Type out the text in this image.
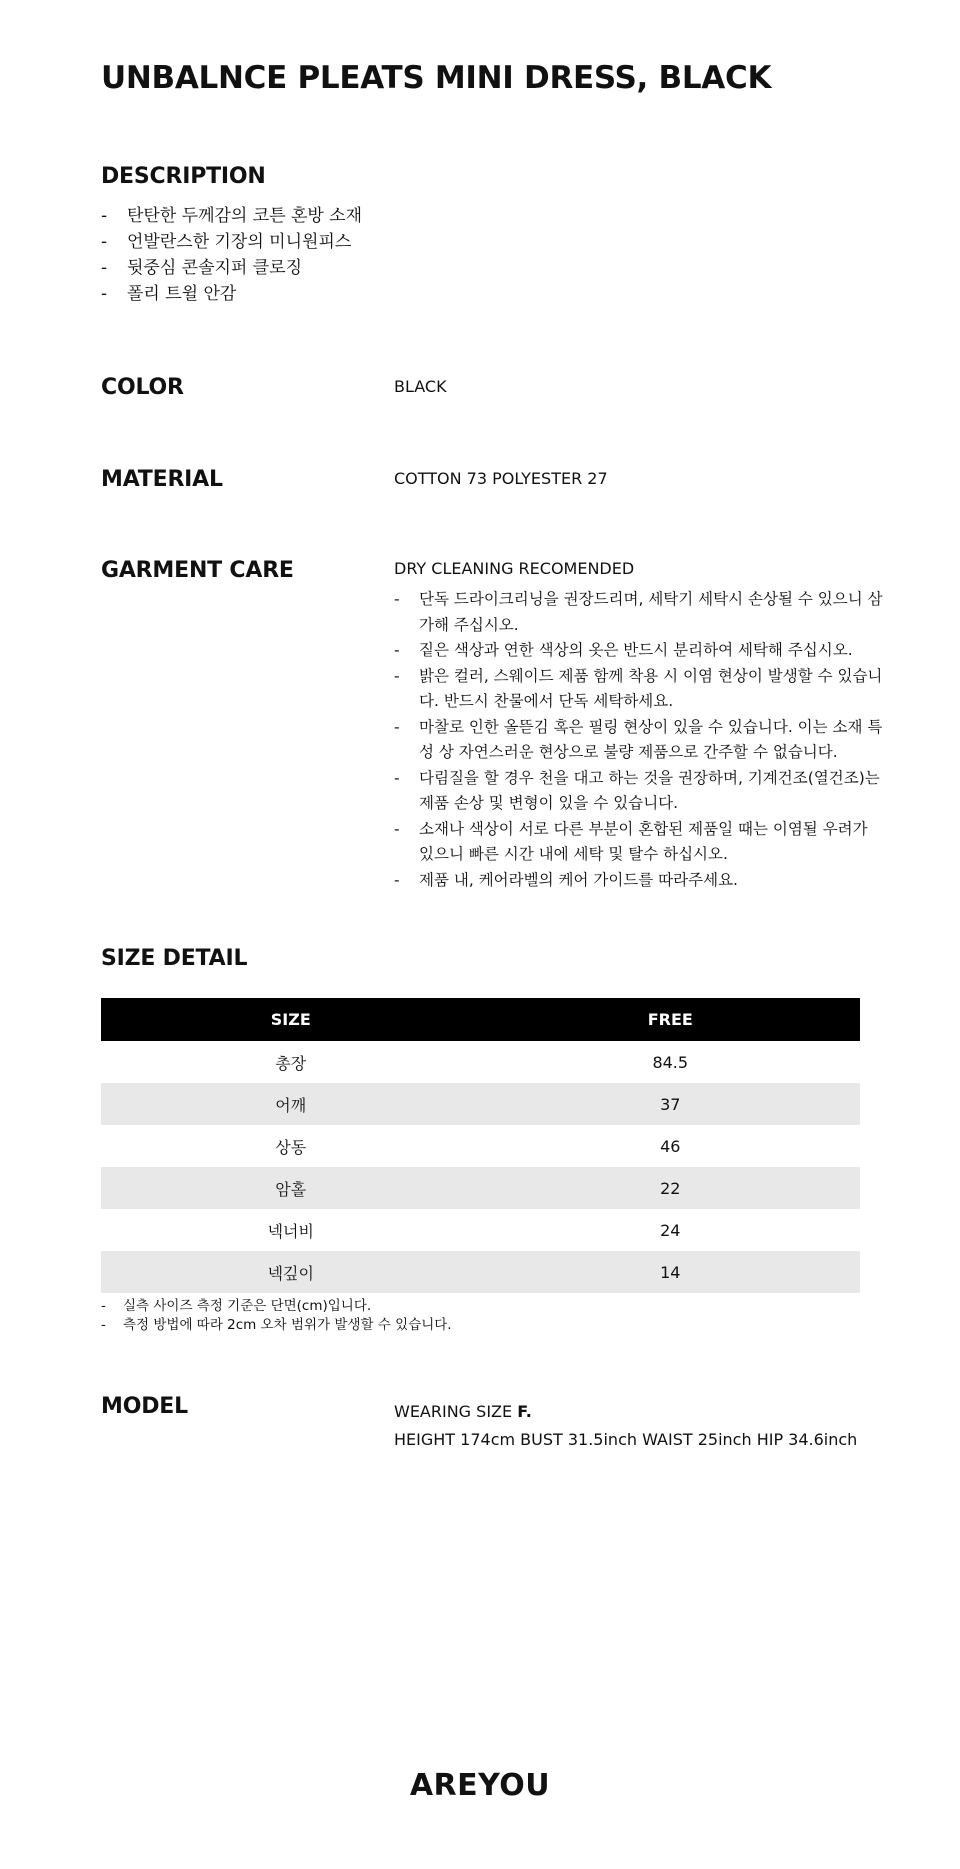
UNBALNCE PLEATS MINI DRESS, BLACK
DESCRIPTION
- 탄탄한 두께감의 코튼 혼방 소재
- 언발란스한 기장의 미니원피스
- 뒷중심 콘솔지퍼 클로징
- 폴리 트윌 안감
COLOR	BLACK
MATERIAL	COTTON 73 POLYESTER 27
GARMENT CARE	DRY CLEANING RECOMENDED
- 단독 드라이크리닝을 권장드리며, 세탁기 세탁시 손상될 수 있으니 삼가해 주십시오.
- 짙은 색상과 연한 색상의 옷은 반드시 분리하여 세탁해 주십시오.
- 밝은 컬러, 스웨이드 제품 함께 착용 시 이염 현상이 발생할 수 있습니다. 반드시 찬물에서 단독 세탁하세요.
- 마찰로 인한 올뜯김 혹은 필링 현상이 있을 수 있습니다. 이는 소재 특성 상 자연스러운 현상으로 불량 제품으로 간주할 수 없습니다.
- 다림질을 할 경우 천을 대고 하는 것을 권장하며, 기계건조(열건조)는 제품 손상 및 변형이 있을 수 있습니다.
- 소재나 색상이 서로 다른 부분이 혼합된 제품일 때는 이염될 우려가 있으니 빠른 시간 내에 세탁 및 탈수 하십시오.
- 제품 내, 케어라벨의 케어 가이드를 따라주세요.
SIZE DETAIL
SIZE	FREE
총장	84.5
어깨	37
상동	46
암홀	22
넥너비	24
넥깊이	14
- 실측 사이즈 측정 기준은 단면(cm)입니다.
- 측정 방법에 따라 2cm 오차 범위가 발생할 수 있습니다.
MODEL	WEARING SIZE F.
HEIGHT 174cm BUST 31.5inch WAIST 25inch HIP 34.6inch
AREYOU
